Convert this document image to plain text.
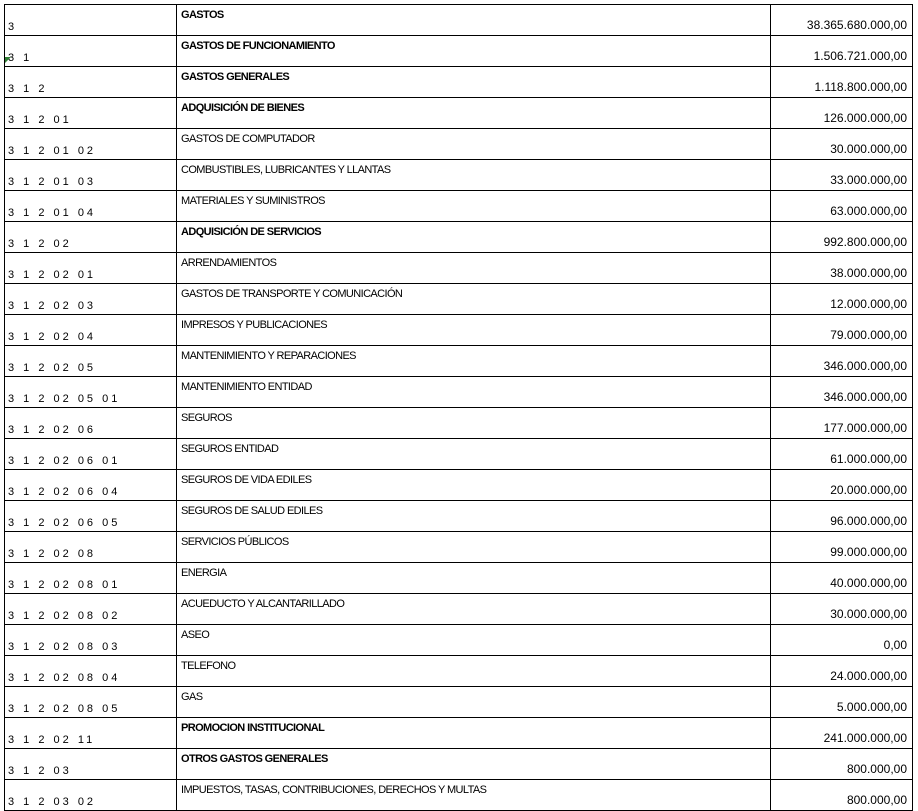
3	GASTOS	38.365.680.000,00
3 1	GASTOS DE FUNCIONAMIENTO	1.506.721.000,00
3 1 2	GASTOS GENERALES	1.118.800.000,00
3 1 2 01	ADQUISICIÓN DE BIENES	126.000.000,00
3 1 2 01 02	GASTOS DE COMPUTADOR	30.000.000,00
3 1 2 01 03	COMBUSTIBLES, LUBRICANTES Y LLANTAS	33.000.000,00
3 1 2 01 04	MATERIALES Y SUMINISTROS	63.000.000,00
3 1 2 02	ADQUISICIÓN DE SERVICIOS	992.800.000,00
3 1 2 02 01	ARRENDAMIENTOS	38.000.000,00
3 1 2 02 03	GASTOS DE TRANSPORTE Y COMUNICACIÓN	12.000.000,00
3 1 2 02 04	IMPRESOS Y PUBLICACIONES	79.000.000,00
3 1 2 02 05	MANTENIMIENTO Y REPARACIONES	346.000.000,00
3 1 2 02 05 01	MANTENIMIENTO ENTIDAD	346.000.000,00
3 1 2 02 06	SEGUROS	177.000.000,00
3 1 2 02 06 01	SEGUROS ENTIDAD	61.000.000,00
3 1 2 02 06 04	SEGUROS DE VIDA EDILES	20.000.000,00
3 1 2 02 06 05	SEGUROS DE SALUD EDILES	96.000.000,00
3 1 2 02 08	SERVICIOS PÚBLICOS	99.000.000,00
3 1 2 02 08 01	ENERGIA	40.000.000,00
3 1 2 02 08 02	ACUEDUCTO Y ALCANTARILLADO	30.000.000,00
3 1 2 02 08 03	ASEO	0,00
3 1 2 02 08 04	TELEFONO	24.000.000,00
3 1 2 02 08 05	GAS	5.000.000,00
3 1 2 02 11	PROMOCION INSTITUCIONAL	241.000.000,00
3 1 2 03	OTROS GASTOS GENERALES	800.000,00
3 1 2 03 02	IMPUESTOS, TASAS, CONTRIBUCIONES, DERECHOS Y MULTAS	800.000,00
